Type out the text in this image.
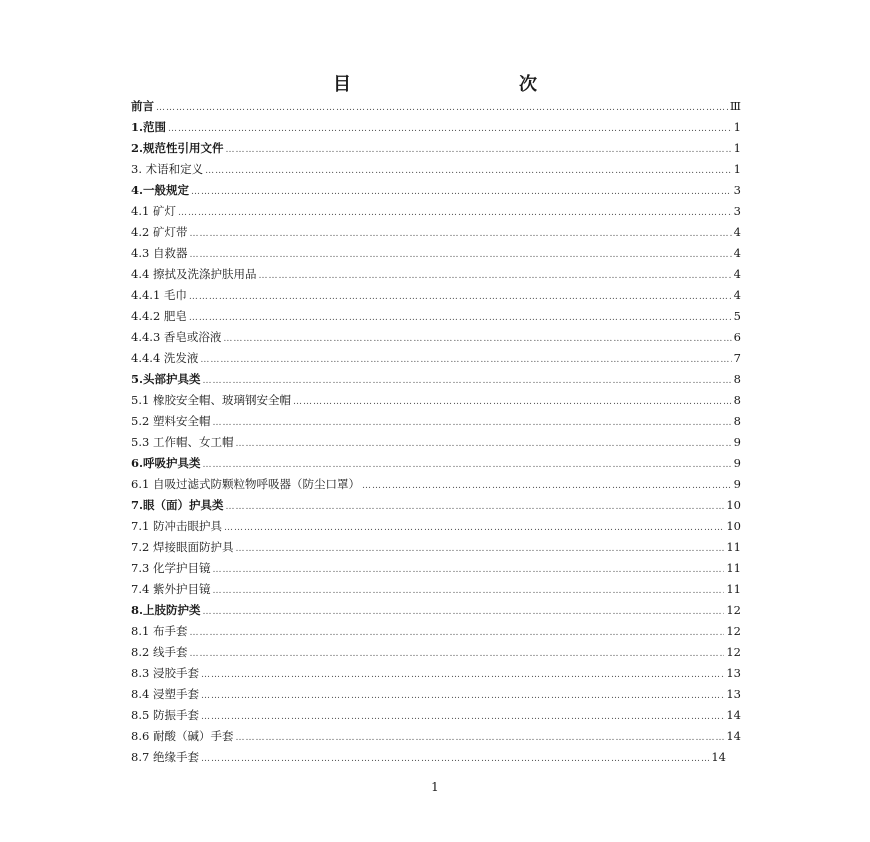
目　　次
前言 ………………………………………………………………………………………………………………………………………………………………………………………………………………	Ⅲ
1.范围 ………………………………………………………………………………………………………………………………………………………………………………………………………………	1
2.规范性引用文件 ………………………………………………………………………………………………………………………………………………………………………………………………………………	1
3. 术语和定义 ………………………………………………………………………………………………………………………………………………………………………………………………………………	1
4.一般规定 ………………………………………………………………………………………………………………………………………………………………………………………………………………	3
4.1 矿灯 ………………………………………………………………………………………………………………………………………………………………………………………………………………	3
4.2 矿灯带 ………………………………………………………………………………………………………………………………………………………………………………………………………………	4
4.3 自救器 ………………………………………………………………………………………………………………………………………………………………………………………………………………	4
4.4 擦拭及洗涤护肤用品 ………………………………………………………………………………………………………………………………………………………………………………………………………………	4
4.4.1 毛巾 ………………………………………………………………………………………………………………………………………………………………………………………………………………	4
4.4.2 肥皂 ………………………………………………………………………………………………………………………………………………………………………………………………………………	5
4.4.3 香皂或浴液 ………………………………………………………………………………………………………………………………………………………………………………………………………………	6
4.4.4 洗发液 ………………………………………………………………………………………………………………………………………………………………………………………………………………	7
5.头部护具类 ………………………………………………………………………………………………………………………………………………………………………………………………………………	8
5.1 橡胶安全帽、玻璃钢安全帽 ………………………………………………………………………………………………………………………………………………………………………………………………………………	8
5.2 塑料安全帽 ………………………………………………………………………………………………………………………………………………………………………………………………………………	8
5.3 工作帽、女工帽 ………………………………………………………………………………………………………………………………………………………………………………………………………………	9
6.呼吸护具类 ………………………………………………………………………………………………………………………………………………………………………………………………………………	9
6.1 自吸过滤式防颗粒物呼吸器（防尘口罩） ………………………………………………………………………………………………………………………………………………………………………………………………………………	9
7.眼（面）护具类 ………………………………………………………………………………………………………………………………………………………………………………………………………………	10
7.1 防冲击眼护具 ………………………………………………………………………………………………………………………………………………………………………………………………………………	10
7.2 焊接眼面防护具 ………………………………………………………………………………………………………………………………………………………………………………………………………………	11
7.3 化学护目镜 ………………………………………………………………………………………………………………………………………………………………………………………………………………	11
7.4 紫外护目镜 ………………………………………………………………………………………………………………………………………………………………………………………………………………	11
8.上肢防护类 ………………………………………………………………………………………………………………………………………………………………………………………………………………	12
8.1 布手套 ………………………………………………………………………………………………………………………………………………………………………………………………………………	12
8.2 线手套 ………………………………………………………………………………………………………………………………………………………………………………………………………………	12
8.3 浸胶手套 ………………………………………………………………………………………………………………………………………………………………………………………………………………	13
8.4 浸塑手套 ………………………………………………………………………………………………………………………………………………………………………………………………………………	13
8.5 防振手套 ………………………………………………………………………………………………………………………………………………………………………………………………………………	14
8.6 耐酸（碱）手套 ………………………………………………………………………………………………………………………………………………………………………………………………………………	14
8.7 绝缘手套 ………………………………………………………………………………………………………………………………………………………………………………………………………………	14
1
